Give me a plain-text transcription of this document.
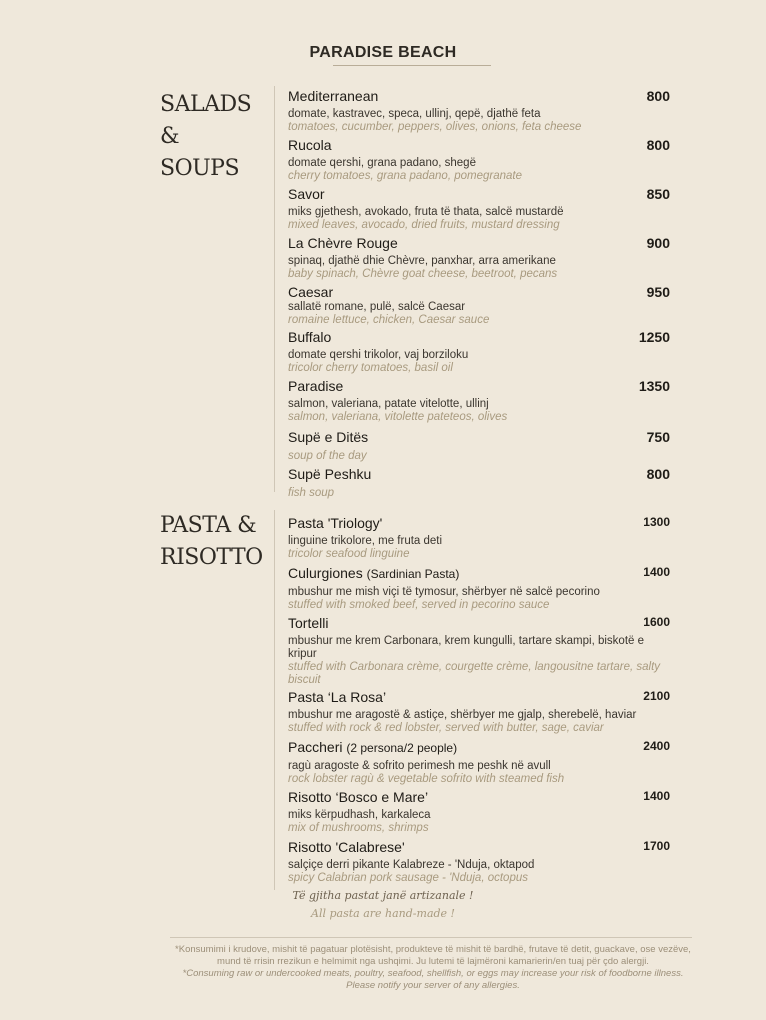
PARADISE BEACH
SALADS &
SOUPS
Mediterranean	800
domate, kastravec, speca, ullinj, qepë, djathë feta
tomatoes, cucumber, peppers, olives, onions, feta cheese
Rucola	800
domate qershi, grana padano, shegë
cherry tomatoes, grana padano, pomegranate
Savor	850
miks gjethesh, avokado, fruta të thata, salcë mustardë
mixed leaves, avocado, dried fruits, mustard dressing
La Chèvre Rouge	900
spinaq, djathë dhie Chèvre, panxhar, arra amerikane
baby spinach, Chèvre goat cheese, beetroot, pecans
Caesar	950
sallatë romane, pulë, salcë Caesar
romaine lettuce, chicken, Caesar sauce
Buffalo	1250
domate qershi trikolor, vaj borziloku
tricolor cherry tomatoes, basil oil
Paradise	1350
salmon, valeriana, patate vitelotte, ullinj
salmon, valeriana, vitolette pateteos, olives
Supë e Ditës	750
soup of the day
Supë Peshku	800
fish soup
PASTA &
RISOTTO
Pasta 'Triology'	1300
linguine trikolore, me fruta deti
tricolor seafood linguine
Culurgiones (Sardinian Pasta)	1400
mbushur me mish viçi të tymosur, shërbyer në salcë pecorino
stuffed with smoked beef, served in pecorino sauce
Tortelli	1600
mbushur me krem Carbonara, krem kungulli, tartare skampi, biskotë e kripur
stuffed with Carbonara crème, courgette crème, langousitne tartare, salty biscuit
Pasta ‘La Rosa’	2100
mbushur me aragostë & astiçe, shërbyer me gjalp, sherebelë, haviar
stuffed with rock & red lobster, served with butter, sage, caviar
Paccheri (2 persona/2 people)	2400
ragù aragoste & sofrito perimesh me peshk në avull
rock lobster ragù & vegetable sofrito with steamed fish
Risotto ‘Bosco e Mare’	1400
miks kërpudhash, karkaleca
mix of mushrooms, shrimps
Risotto 'Calabrese'	1700
salçiçe derri pikante Kalabreze - 'Nduja, oktapod
spicy Calabrian pork sausage - 'Nduja, octopus
Të gjitha pastat janë artizanale !
All pasta are hand-made !
*Konsumimi i krudove, mishit të pagatuar plotësisht, produkteve të mishit të bardhë, frutave të detit, guackave, ose vezëve,
mund të rrisin rrezikun e helmimit nga ushqimi. Ju lutemi të lajmëroni kamarierin/en tuaj për çdo alergji.
*Consuming raw or undercooked meats, poultry, seafood, shellfish, or eggs may increase your risk of foodborne illness.
Please notify your server of any allergies.
